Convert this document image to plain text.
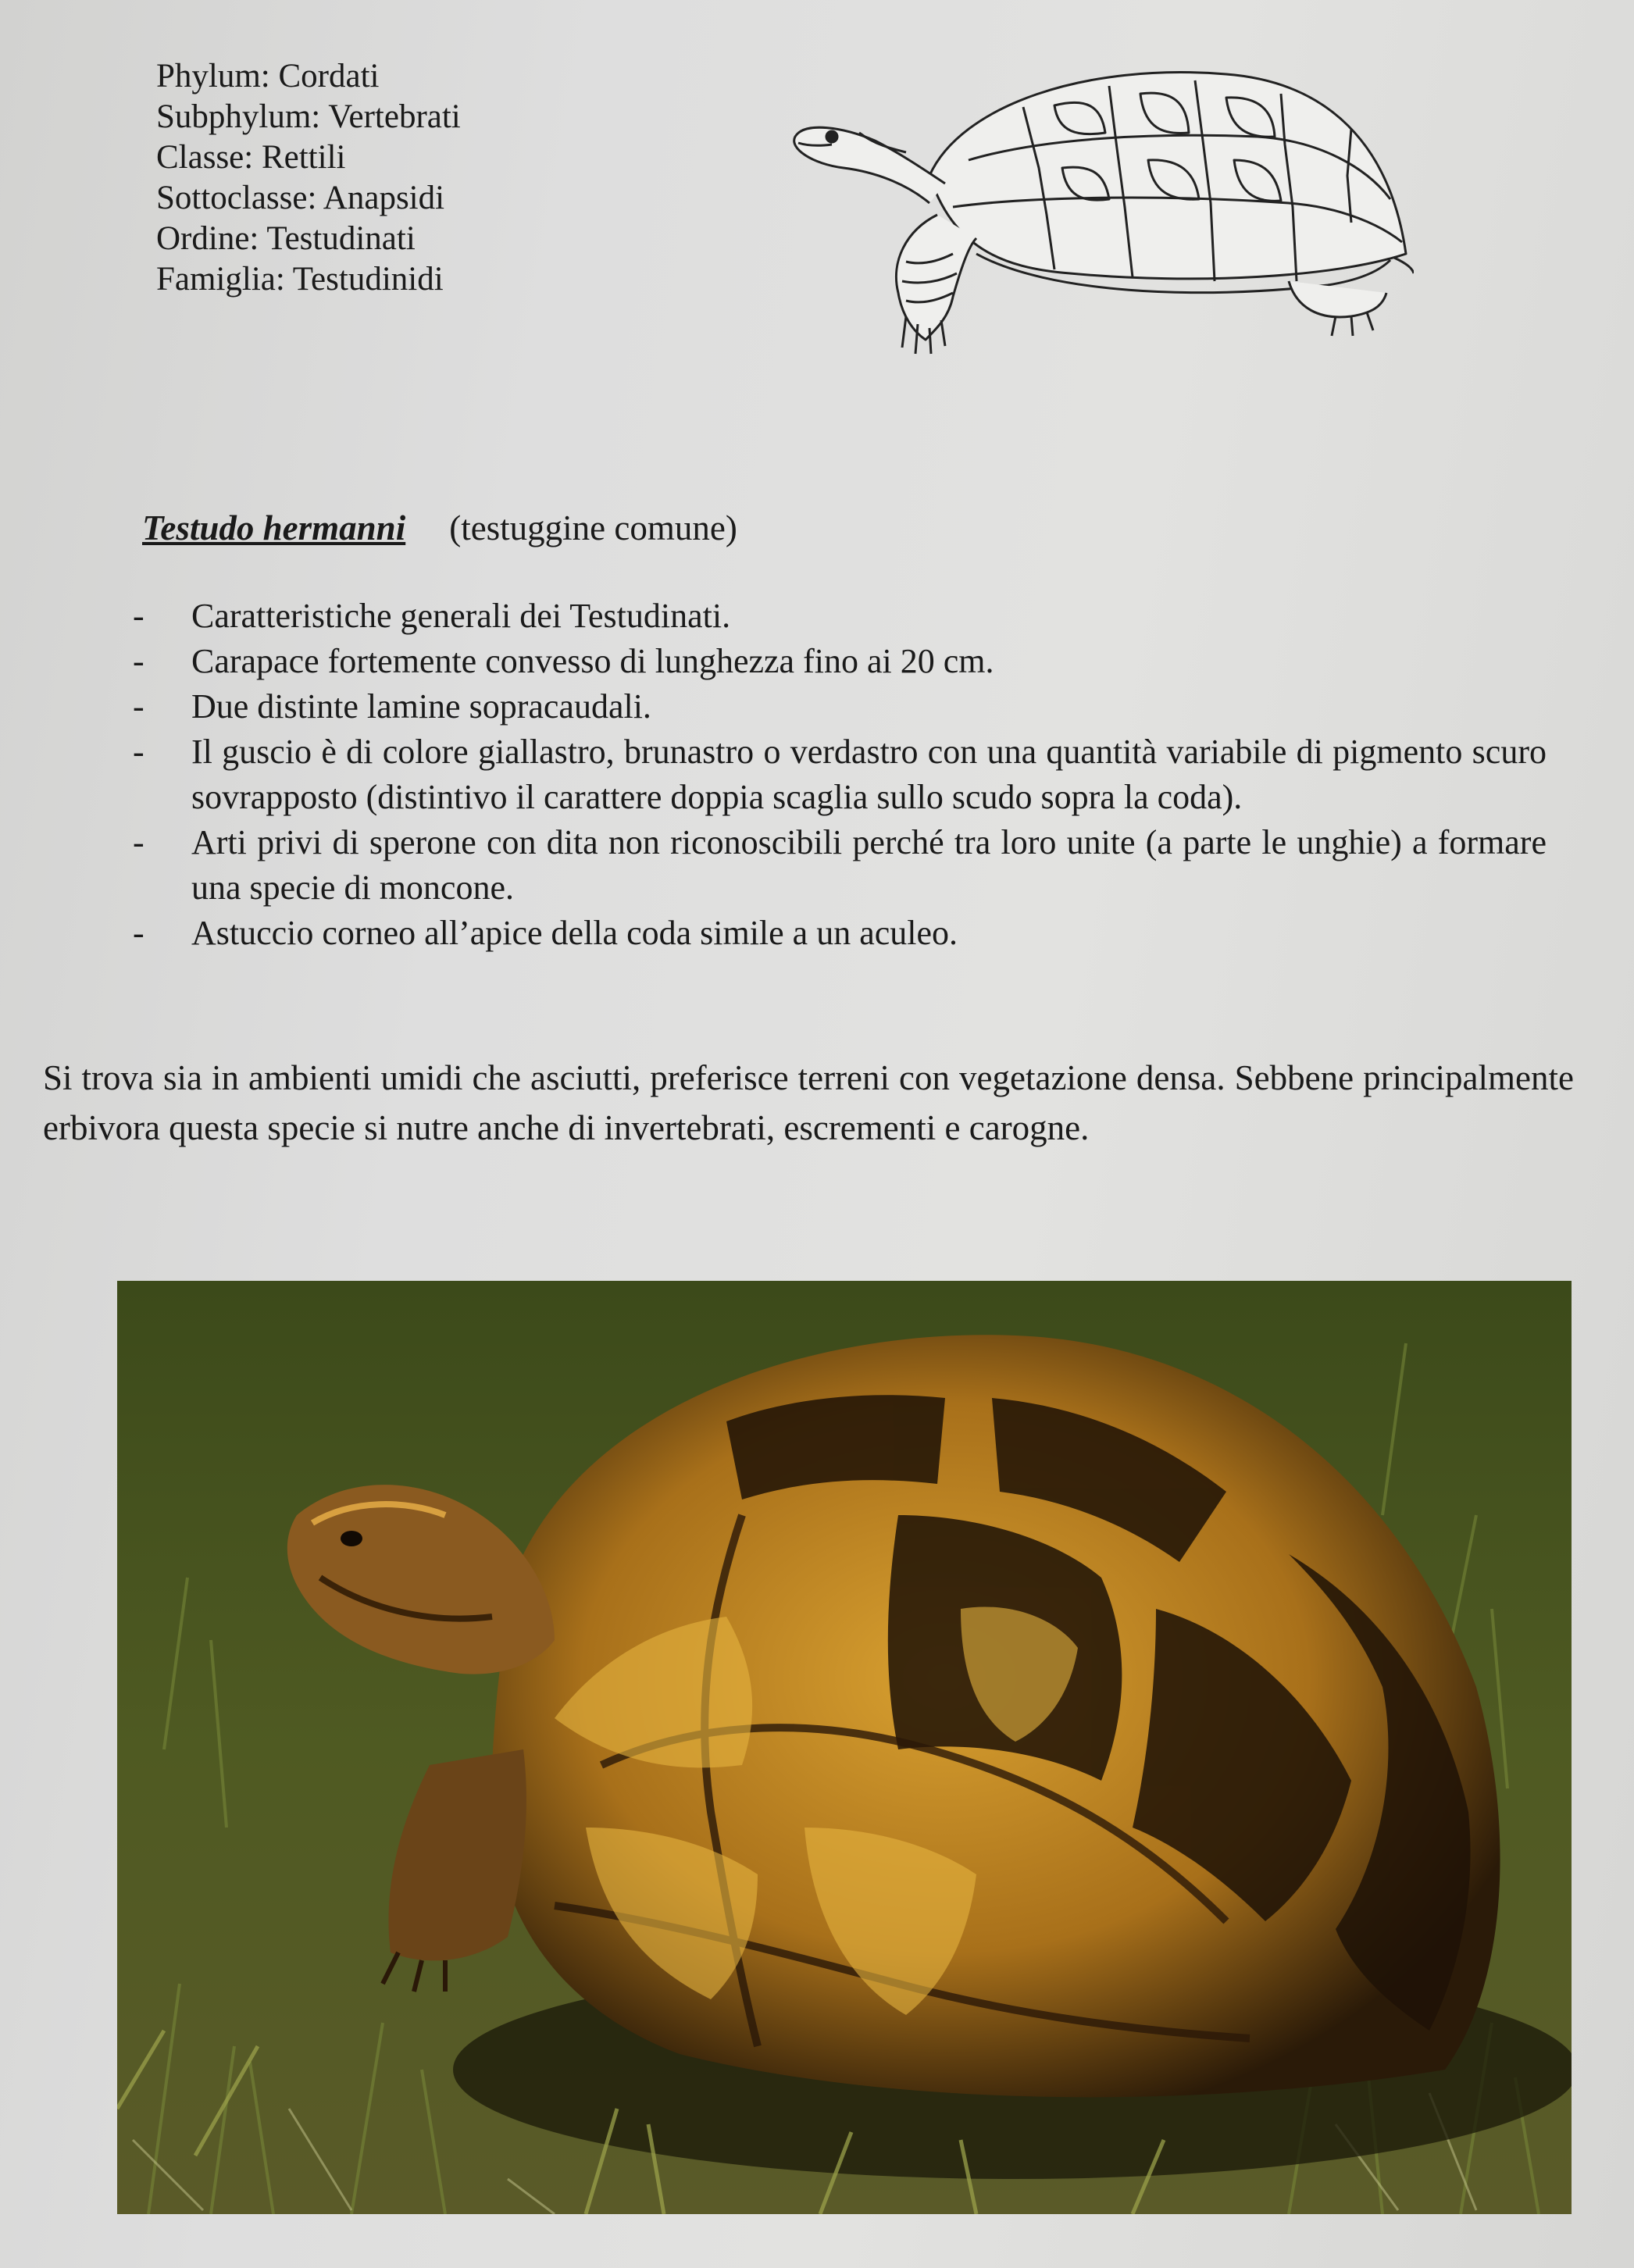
Phylum: Cordati
Subphylum: Vertebrati
Classe: Rettili
Sottoclasse: Anapsidi
Ordine: Testudinati
Famiglia: Testudinidi
Testudo hermanni (testuggine comune)
- Caratteristiche generali dei Testudinati.
- Carapace fortemente convesso di lunghezza fino ai 20 cm.
- Due distinte lamine sopracaudali.
- Il guscio è di colore giallastro, brunastro o verdastro con una quantità variabile di pigmento scuro sovrapposto (distintivo il carattere doppia scaglia sullo scudo sopra la coda).
- Arti privi di sperone con dita non riconoscibili perché tra loro unite (a parte le unghie) a formare una specie di moncone.
- Astuccio corneo all’apice della coda simile a un aculeo.
Si trova sia in ambienti umidi che asciutti, preferisce terreni con vegetazione densa. Sebbene principalmente erbivora questa specie si nutre anche di invertebrati, escrementi e carogne.
